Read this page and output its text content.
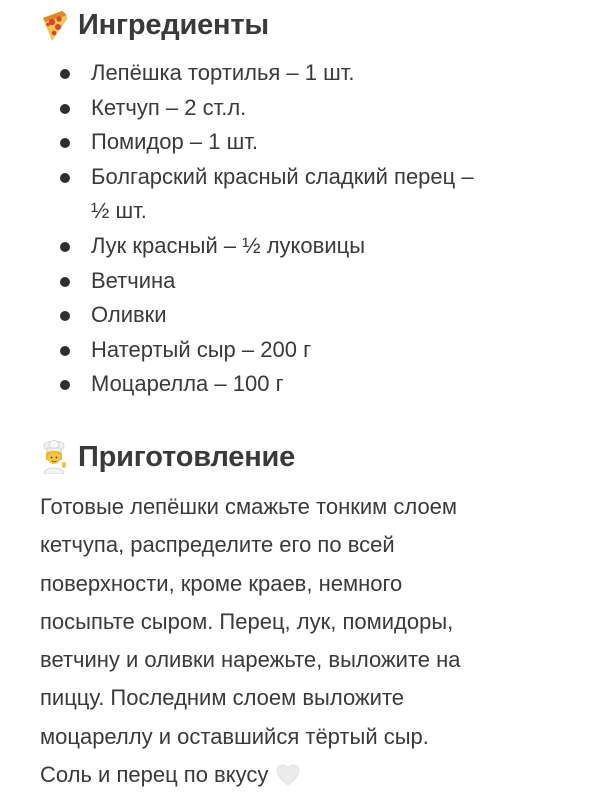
Ингредиенты
Лепёшка тортилья – 1 шт.
Кетчуп – 2 ст.л.
Помидор – 1 шт.
Болгарский красный сладкий перец –
½ шт.
Лук красный – ½ луковицы
Ветчина
Оливки
Натертый сыр – 200 г
Моцарелла – 100 г
Приготовление

Готовые лепёшки смажьте тонким слоем
кетчупа, распределите его по всей
поверхности, кроме краев, немного
посыпьте сыром. Перец, лук, помидоры,
ветчину и оливки нарежьте, выложите на
пиццу. Последним слоем выложите
моцареллу и оставшийся тёртый сыр.
Соль и перец по вкусу
